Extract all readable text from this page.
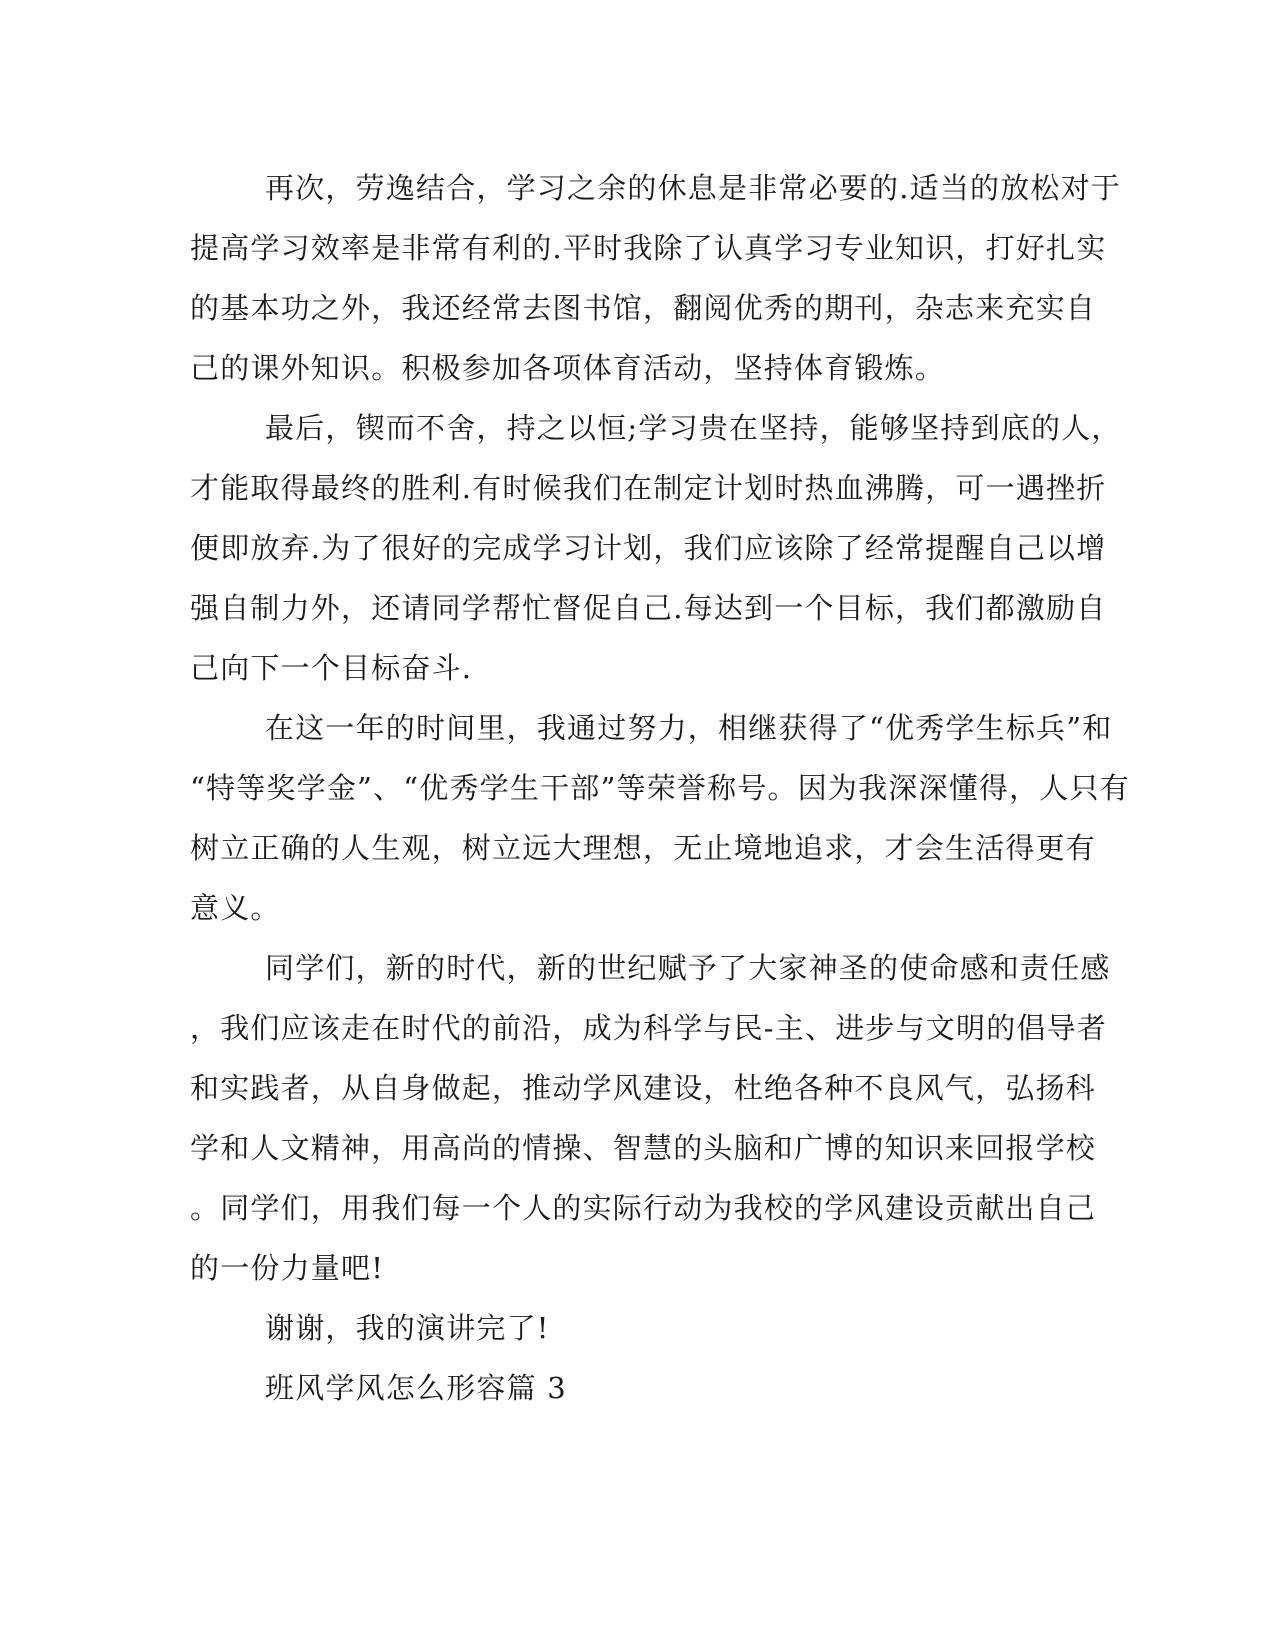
再次，劳逸结合，学习之余的休息是非常必要的.适当的放松对于
提高学习效率是非常有利的.平时我除了认真学习专业知识，打好扎实
的基本功之外，我还经常去图书馆，翻阅优秀的期刊，杂志来充实自
己的课外知识。积极参加各项体育活动，坚持体育锻炼。
最后，锲而不舍，持之以恒;学习贵在坚持，能够坚持到底的人，
才能取得最终的胜利.有时候我们在制定计划时热血沸腾，可一遇挫折
便即放弃.为了很好的完成学习计划，我们应该除了经常提醒自己以增
强自制力外，还请同学帮忙督促自己.每达到一个目标，我们都激励自
己向下一个目标奋斗.
在这一年的时间里，我通过努力，相继获得了“优秀学生标兵”和
“特等奖学金”、“优秀学生干部”等荣誉称号。因为我深深懂得，人只有
树立正确的人生观，树立远大理想，无止境地追求，才会生活得更有
意义。
同学们，新的时代，新的世纪赋予了大家神圣的使命感和责任感
，我们应该走在时代的前沿，成为科学与民-主、进步与文明的倡导者
和实践者，从自身做起，推动学风建设，杜绝各种不良风气，弘扬科
学和人文精神，用高尚的情操、智慧的头脑和广博的知识来回报学校
。同学们，用我们每一个人的实际行动为我校的学风建设贡献出自己
的一份力量吧!
谢谢，我的演讲完了!
班风学风怎么形容篇 3
